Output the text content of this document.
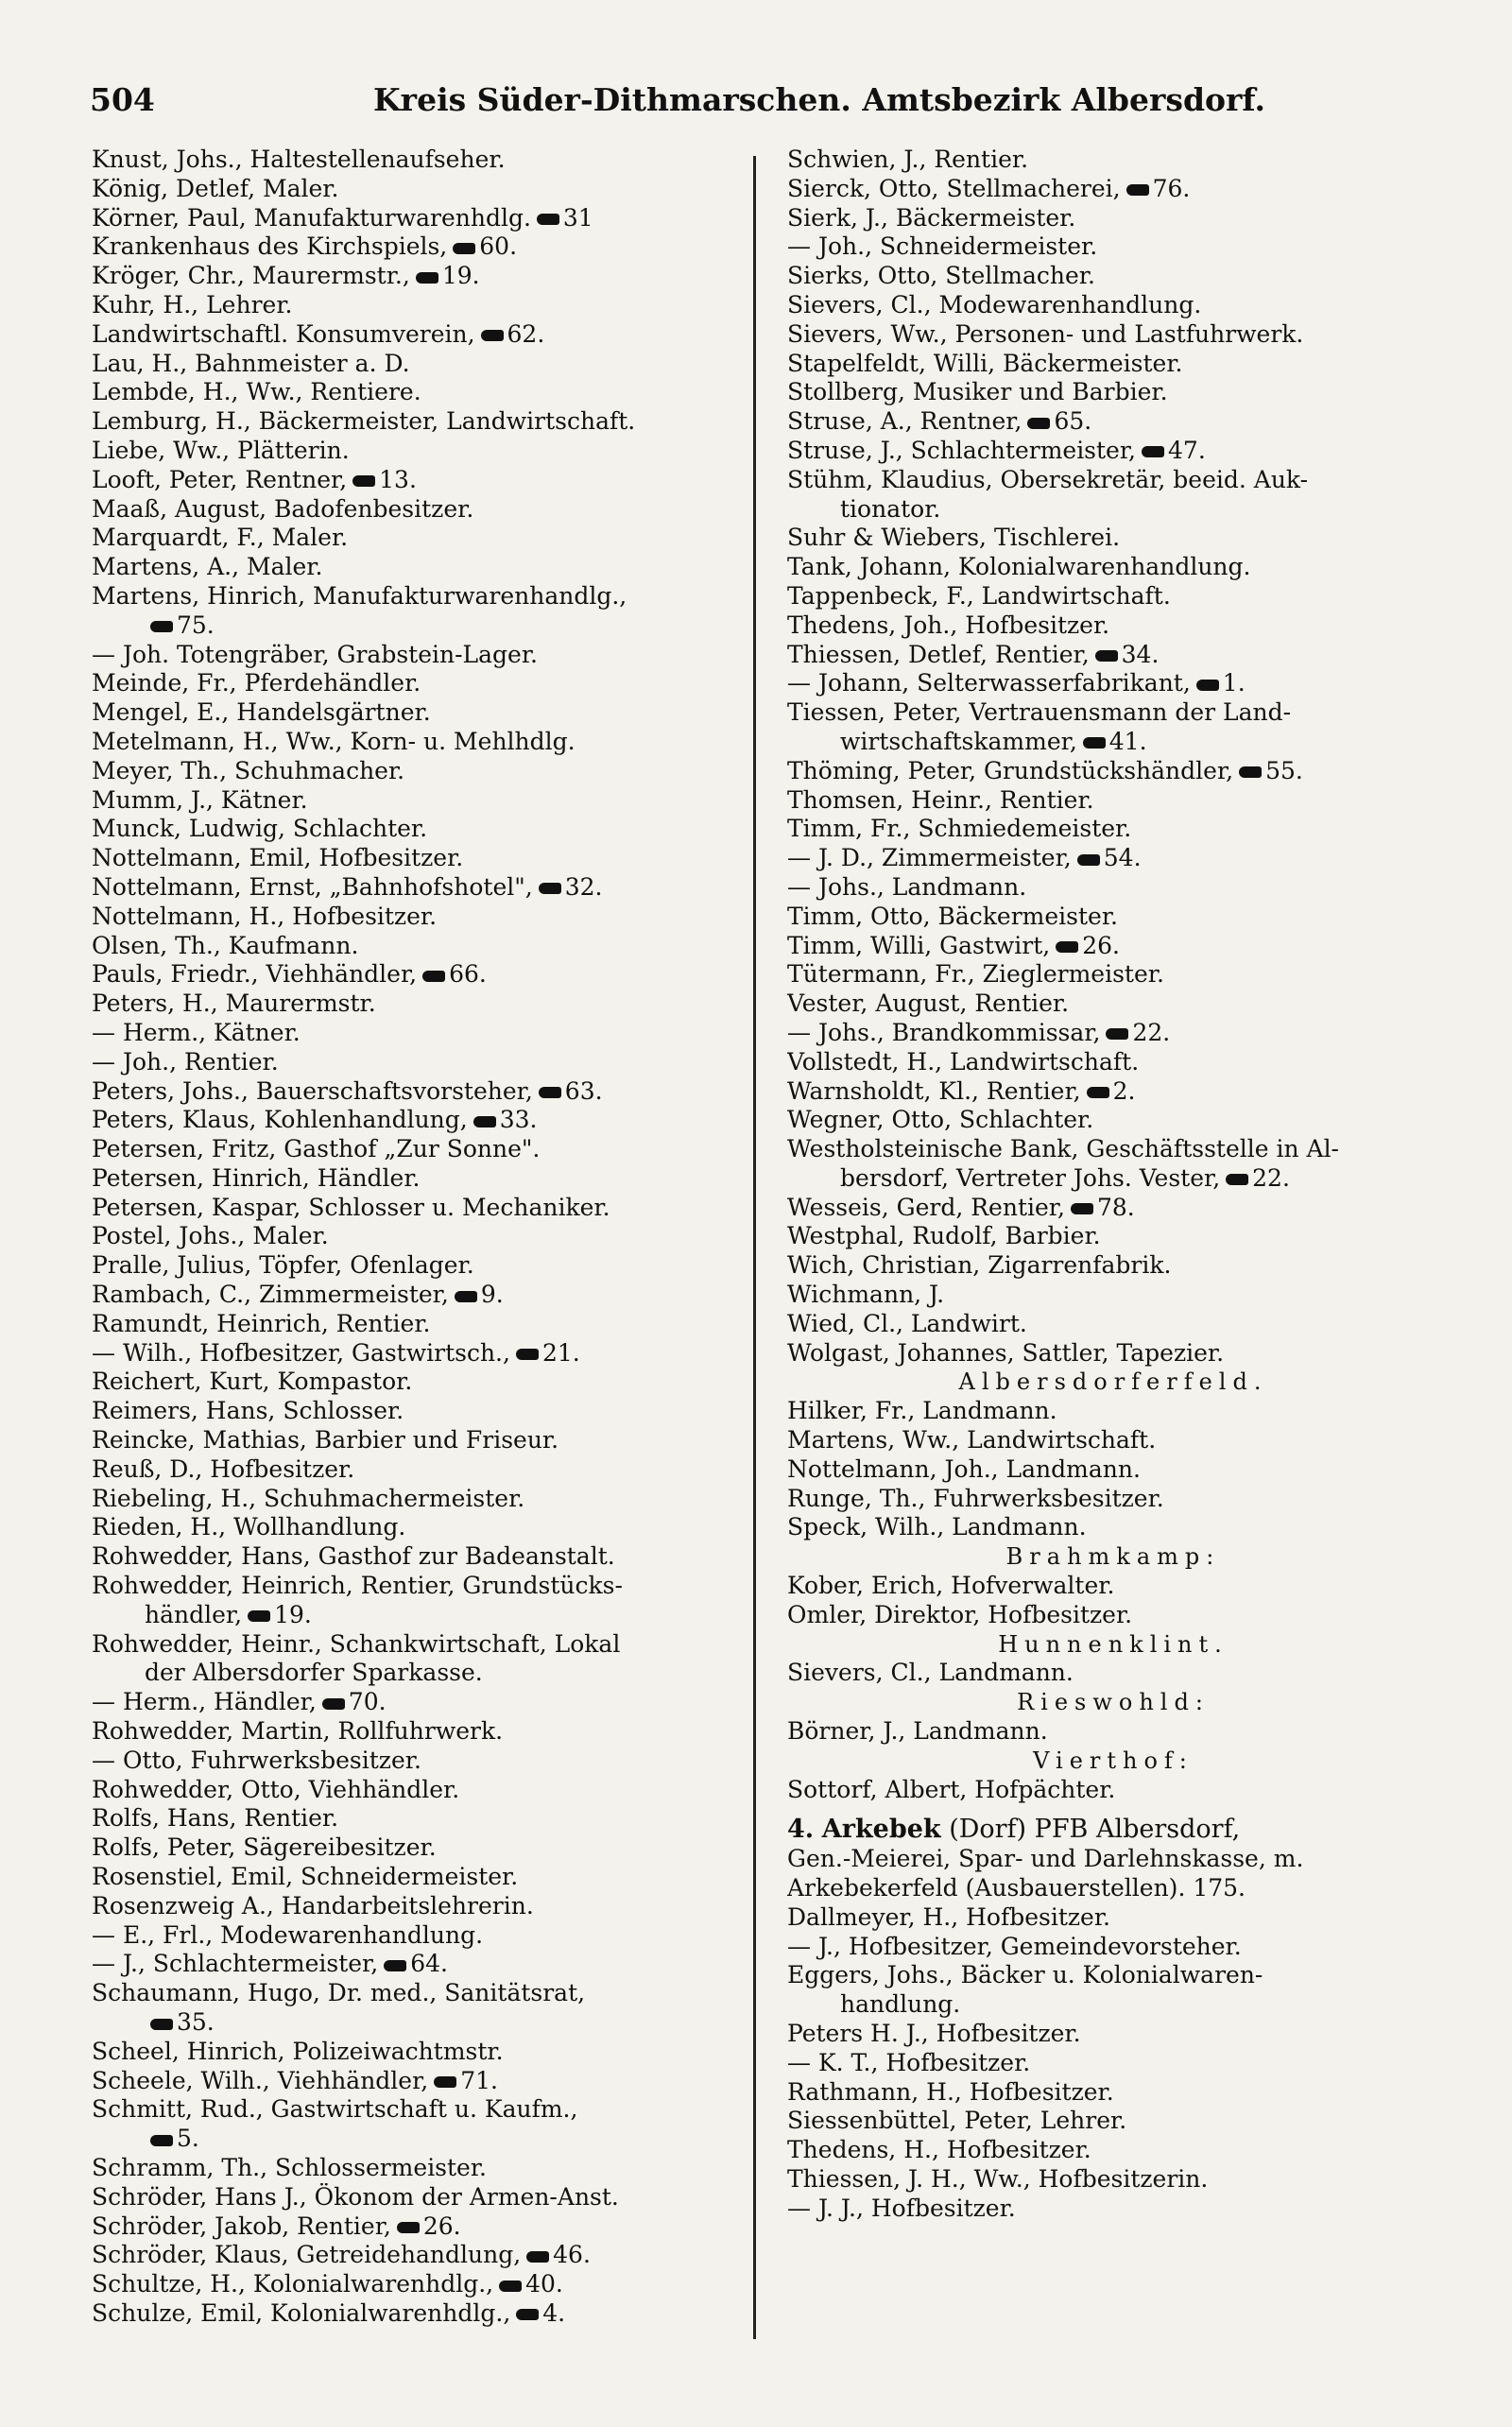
504	Kreis Süder-Dithmarschen. Amtsbezirk Albersdorf.
Knust, Johs., Haltestellenaufseher.
König, Detlef, Maler.
Körner, Paul, Manufakturwarenhdlg. 31
Krankenhaus des Kirchspiels, 60.
Kröger, Chr., Maurermstr., 19.
Kuhr, H., Lehrer.
Landwirtschaftl. Konsumverein, 62.
Lau, H., Bahnmeister a. D.
Lembde, H., Ww., Rentiere.
Lemburg, H., Bäckermeister, Landwirtschaft.
Liebe, Ww., Plätterin.
Looft, Peter, Rentner, 13.
Maaß, August, Badofenbesitzer.
Marquardt, F., Maler.
Martens, A., Maler.
Martens, Hinrich, Manufakturwarenhandlg.,
75.
— Joh. Totengräber, Grabstein-Lager.
Meinde, Fr., Pferdehändler.
Mengel, E., Handelsgärtner.
Metelmann, H., Ww., Korn- u. Mehlhdlg.
Meyer, Th., Schuhmacher.
Mumm, J., Kätner.
Munck, Ludwig, Schlachter.
Nottelmann, Emil, Hofbesitzer.
Nottelmann, Ernst, „Bahnhofshotel", 32.
Nottelmann, H., Hofbesitzer.
Olsen, Th., Kaufmann.
Pauls, Friedr., Viehhändler, 66.
Peters, H., Maurermstr.
— Herm., Kätner.
— Joh., Rentier.
Peters, Johs., Bauerschaftsvorsteher, 63.
Peters, Klaus, Kohlenhandlung, 33.
Petersen, Fritz, Gasthof „Zur Sonne".
Petersen, Hinrich, Händler.
Petersen, Kaspar, Schlosser u. Mechaniker.
Postel, Johs., Maler.
Pralle, Julius, Töpfer, Ofenlager.
Rambach, C., Zimmermeister, 9.
Ramundt, Heinrich, Rentier.
— Wilh., Hofbesitzer, Gastwirtsch., 21.
Reichert, Kurt, Kompastor.
Reimers, Hans, Schlosser.
Reincke, Mathias, Barbier und Friseur.
Reuß, D., Hofbesitzer.
Riebeling, H., Schuhmachermeister.
Rieden, H., Wollhandlung.
Rohwedder, Hans, Gasthof zur Badeanstalt.
Rohwedder, Heinrich, Rentier, Grundstücks-
händler, 19.
Rohwedder, Heinr., Schankwirtschaft, Lokal
der Albersdorfer Sparkasse.
— Herm., Händler, 70.
Rohwedder, Martin, Rollfuhrwerk.
— Otto, Fuhrwerksbesitzer.
Rohwedder, Otto, Viehhändler.
Rolfs, Hans, Rentier.
Rolfs, Peter, Sägereibesitzer.
Rosenstiel, Emil, Schneidermeister.
Rosenzweig A., Handarbeitslehrerin.
— E., Frl., Modewarenhandlung.
— J., Schlachtermeister, 64.
Schaumann, Hugo, Dr. med., Sanitätsrat,
35.
Scheel, Hinrich, Polizeiwachtmstr.
Scheele, Wilh., Viehhändler, 71.
Schmitt, Rud., Gastwirtschaft u. Kaufm.,
5.
Schramm, Th., Schlossermeister.
Schröder, Hans J., Ökonom der Armen-Anst.
Schröder, Jakob, Rentier, 26.
Schröder, Klaus, Getreidehandlung, 46.
Schultze, H., Kolonialwarenhdlg., 40.
Schulze, Emil, Kolonialwarenhdlg., 4.
Schwien, J., Rentier.
Sierck, Otto, Stellmacherei, 76.
Sierk, J., Bäckermeister.
— Joh., Schneidermeister.
Sierks, Otto, Stellmacher.
Sievers, Cl., Modewarenhandlung.
Sievers, Ww., Personen- und Lastfuhrwerk.
Stapelfeldt, Willi, Bäckermeister.
Stollberg, Musiker und Barbier.
Struse, A., Rentner, 65.
Struse, J., Schlachtermeister, 47.
Stühm, Klaudius, Obersekretär, beeid. Auk-
tionator.
Suhr & Wiebers, Tischlerei.
Tank, Johann, Kolonialwarenhandlung.
Tappenbeck, F., Landwirtschaft.
Thedens, Joh., Hofbesitzer.
Thiessen, Detlef, Rentier, 34.
— Johann, Selterwasserfabrikant, 1.
Tiessen, Peter, Vertrauensmann der Land-
wirtschaftskammer, 41.
Thöming, Peter, Grundstückshändler, 55.
Thomsen, Heinr., Rentier.
Timm, Fr., Schmiedemeister.
— J. D., Zimmermeister, 54.
— Johs., Landmann.
Timm, Otto, Bäckermeister.
Timm, Willi, Gastwirt, 26.
Tütermann, Fr., Zieglermeister.
Vester, August, Rentier.
— Johs., Brandkommissar, 22.
Vollstedt, H., Landwirtschaft.
Warnsholdt, Kl., Rentier, 2.
Wegner, Otto, Schlachter.
Westholsteinische Bank, Geschäftsstelle in Al-
bersdorf, Vertreter Johs. Vester, 22.
Wesseis, Gerd, Rentier, 78.
Westphal, Rudolf, Barbier.
Wich, Christian, Zigarrenfabrik.
Wichmann, J.
Wied, Cl., Landwirt.
Wolgast, Johannes, Sattler, Tapezier.
Albersdorferfeld.
Hilker, Fr., Landmann.
Martens, Ww., Landwirtschaft.
Nottelmann, Joh., Landmann.
Runge, Th., Fuhrwerksbesitzer.
Speck, Wilh., Landmann.
Brahmkamp:
Kober, Erich, Hofverwalter.
Omler, Direktor, Hofbesitzer.
Hunnenklint.
Sievers, Cl., Landmann.
Rieswohld:
Börner, J., Landmann.
Vierthof:
Sottorf, Albert, Hofpächter.
4. Arkebek (Dorf) PFB Albersdorf,
Gen.-Meierei, Spar- und Darlehnskasse, m.
Arkebekerfeld (Ausbauerstellen). 175.
Dallmeyer, H., Hofbesitzer.
— J., Hofbesitzer, Gemeindevorsteher.
Eggers, Johs., Bäcker u. Kolonialwaren-
handlung.
Peters H. J., Hofbesitzer.
— K. T., Hofbesitzer.
Rathmann, H., Hofbesitzer.
Siessenbüttel, Peter, Lehrer.
Thedens, H., Hofbesitzer.
Thiessen, J. H., Ww., Hofbesitzerin.
— J. J., Hofbesitzer.
